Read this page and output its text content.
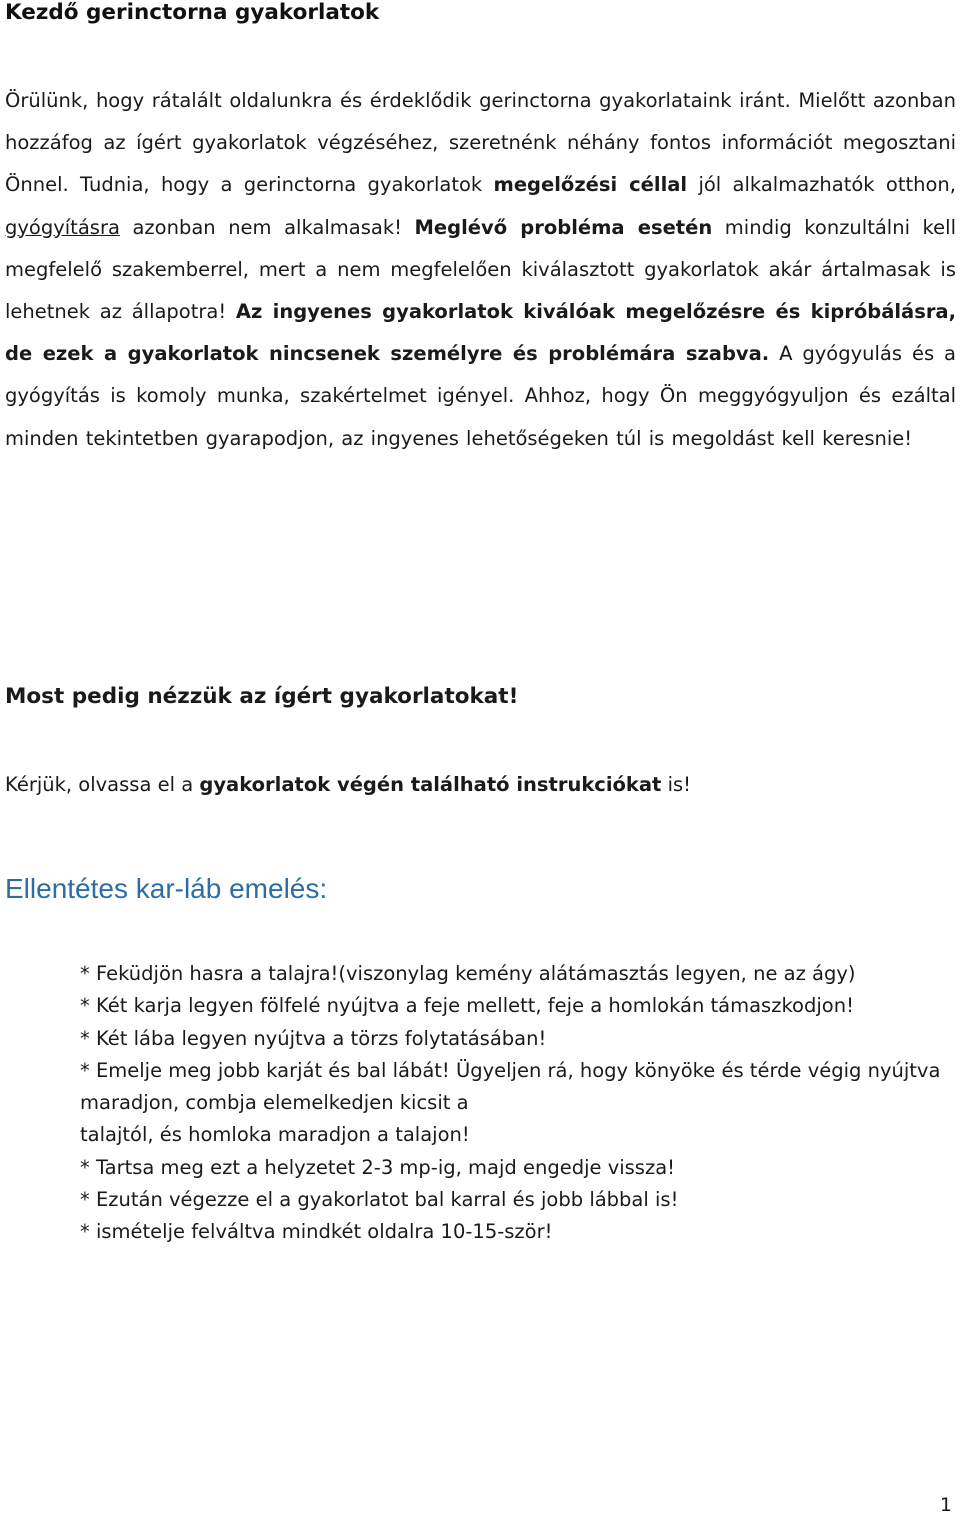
Kezdő gerinctorna gyakorlatok

Örülünk, hogy rátalált oldalunkra és érdeklődik gerinctorna gyakorlataink iránt. Mielőtt azonban hozzáfog az ígért gyakorlatok végzéséhez, szeretnénk néhány fontos információt megosztani Önnel. Tudnia, hogy a gerinctorna gyakorlatok megelőzési céllal jól alkalmazhatók otthon, gyógyításra azonban nem alkalmasak! Meglévő probléma esetén mindig konzultálni kell megfelelő szakemberrel, mert a nem megfelelően kiválasztott gyakorlatok akár ártalmasak is lehetnek az állapotra! Az ingyenes gyakorlatok kiválóak megelőzésre és kipróbálásra, de ezek a gyakorlatok nincsenek személyre és problémára szabva. A gyógyulás és a gyógyítás is komoly munka, szakértelmet igényel. Ahhoz, hogy Ön meggyógyuljon és ezáltal minden tekintetben gyarapodjon, az ingyenes lehetőségeken túl is megoldást kell keresnie!

Most pedig nézzük az ígért gyakorlatokat!

Kérjük, olvassa el a gyakorlatok végén található instrukciókat is!

Ellentétes kar-láb emelés:
* Feküdjön hasra a talajra!(viszonylag kemény alátámasztás legyen, ne az ágy)
* Két karja legyen fölfelé nyújtva a feje mellett, feje a homlokán támaszkodjon!
* Két lába legyen nyújtva a törzs folytatásában!
* Emelje meg jobb karját és bal lábát! Ügyeljen rá, hogy könyöke és térde végig nyújtva maradjon, combja elemelkedjen kicsit a
talajtól, és homloka maradjon a talajon!
* Tartsa meg ezt a helyzetet 2-3 mp-ig, majd engedje vissza!
* Ezután végezze el a gyakorlatot bal karral és jobb lábbal is!
* ismételje felváltva mindkét oldalra 10-15-ször!
1
